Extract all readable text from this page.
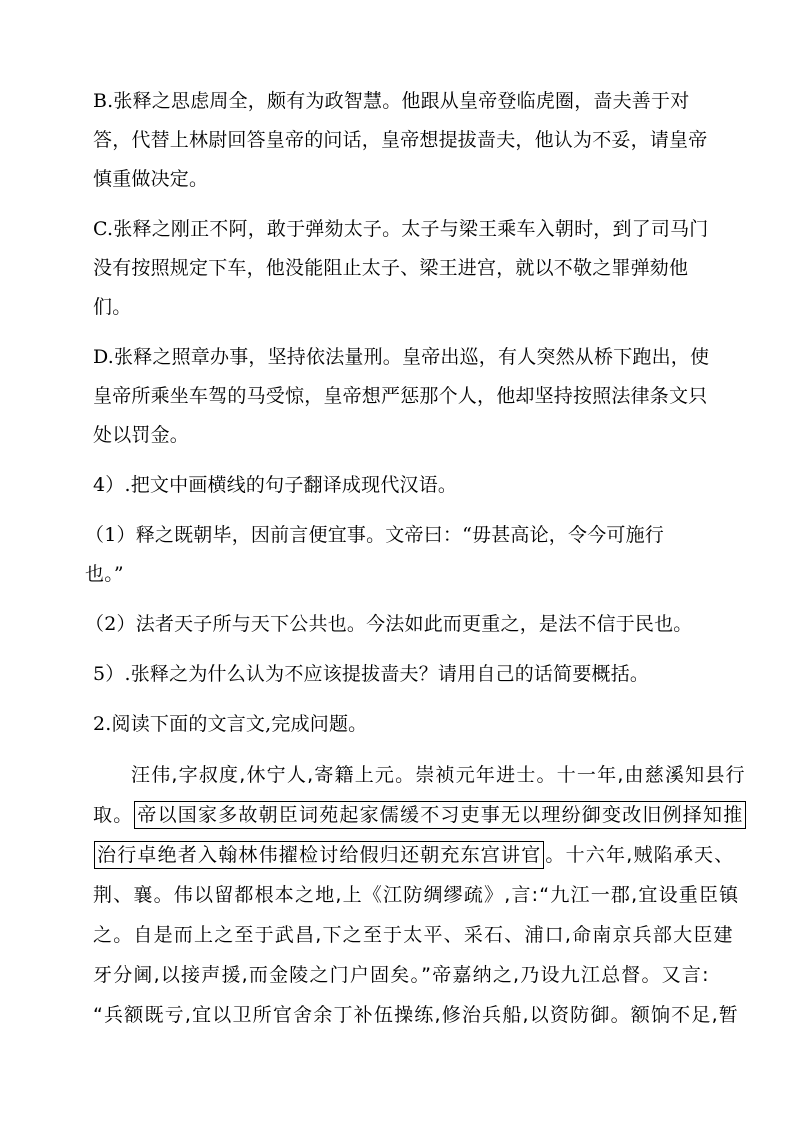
B.张释之思虑周全，颇有为政智慧。他跟从皇帝登临虎圈，啬夫善于对
答，代替上林尉回答皇帝的问话，皇帝想提拔啬夫，他认为不妥，请皇帝
慎重做决定。

C.张释之刚正不阿，敢于弹劾太子。太子与梁王乘车入朝时，到了司马门
没有按照规定下车，他没能阻止太子、梁王进宫，就以不敬之罪弹劾他
们。

D.张释之照章办事，坚持依法量刑。皇帝出巡，有人突然从桥下跑出，使
皇帝所乘坐车驾的马受惊，皇帝想严惩那个人，他却坚持按照法律条文只
处以罚金。

4）.把文中画横线的句子翻译成现代汉语。

（1）释之既朝毕，因前言便宜事。文帝曰：“毋甚高论，令今可施行
也。”

（2）法者天子所与天下公共也。今法如此而更重之，是法不信于民也。

5）.张释之为什么认为不应该提拔啬夫？请用自己的话简要概括。

2.阅读下面的文言文,完成问题。

汪伟,字叔度,休宁人,寄籍上元。崇祯元年进士。十一年,由慈溪知县行
取。 帝以国家多故朝臣词苑起家儒缓不习吏事无以理纷御变改旧例择知推
治行卓绝者入翰林伟擢检讨给假归还朝充东宫讲官 。十六年,贼陷承天、
荆、襄。伟以留都根本之地,上《江防绸缪疏》,言:“九江一郡,宜设重臣镇
之。自是而上之至于武昌,下之至于太平、采石、浦口,命南京兵部大臣建
牙分阃,以接声援,而金陵之门户固矣。”帝嘉纳之,乃设九江总督。又言:
“兵额既亏,宜以卫所官舍余丁补伍操练,修治兵船,以资防御。额饷不足,暂
